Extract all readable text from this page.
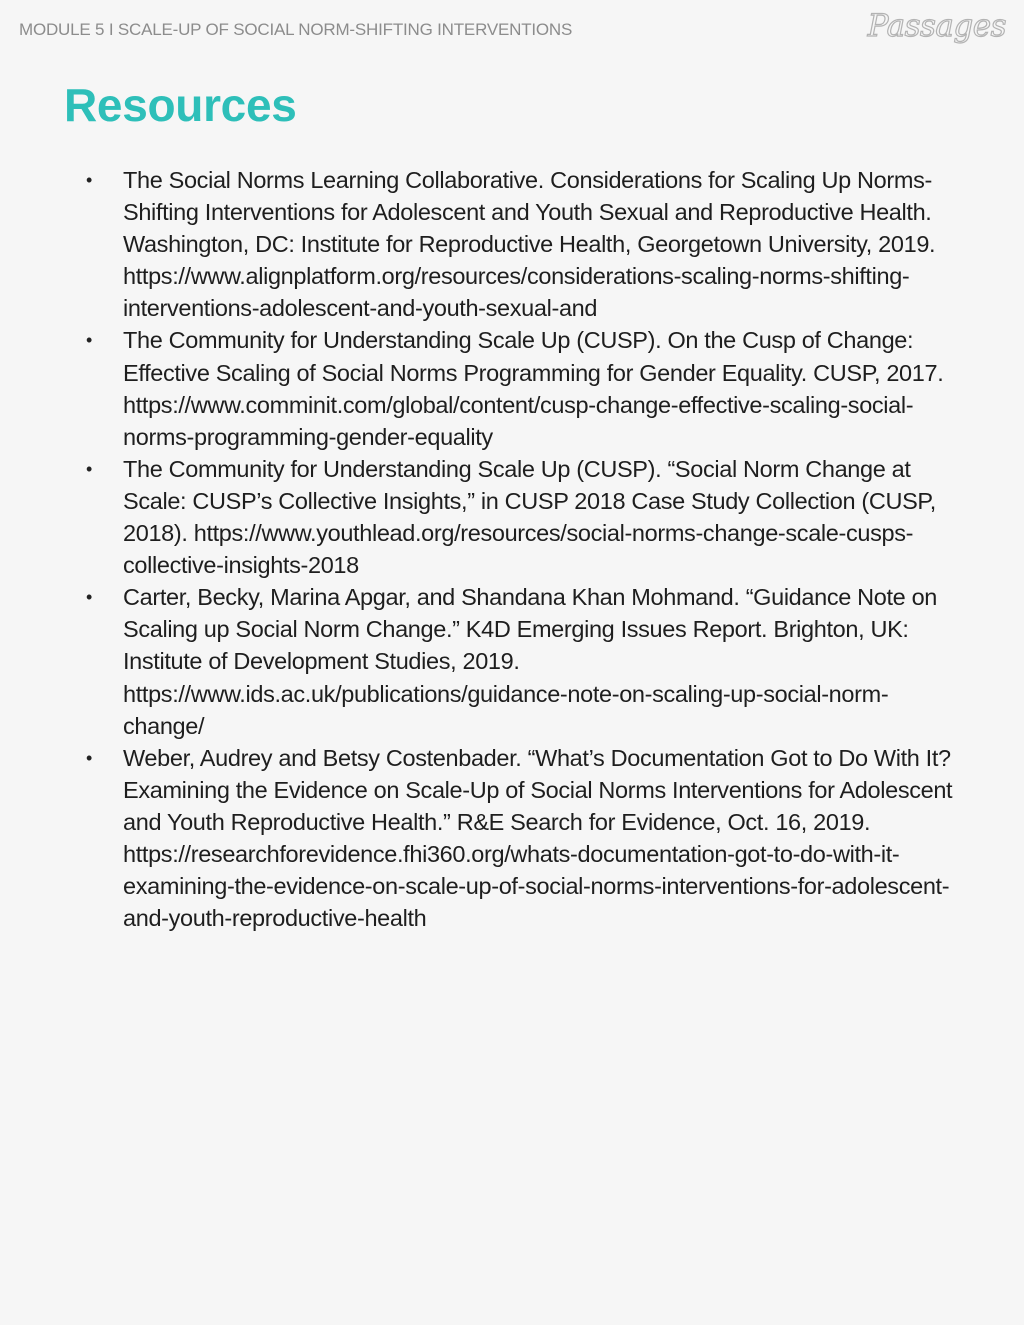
MODULE 5 I SCALE-UP OF SOCIAL NORM-SHIFTING INTERVENTIONS	Passages
Resources
• The Social Norms Learning Collaborative. Considerations for Scaling Up Norms-Shifting Interventions for Adolescent and Youth Sexual and Reproductive Health. Washington, DC: Institute for Reproductive Health, Georgetown University, 2019.
https://www.alignplatform.org/resources/considerations-scaling-norms-shifting-interventions-adolescent-and-youth-sexual-and
• The Community for Understanding Scale Up (CUSP). On the Cusp of Change: Effective Scaling of Social Norms Programming for Gender Equality. CUSP, 2017. https://www.comminit.com/global/content/cusp-change-effective-scaling-social-norms-programming-gender-equality
• The Community for Understanding Scale Up (CUSP). “Social Norm Change at Scale: CUSP’s Collective Insights,” in CUSP 2018 Case Study Collection (CUSP, 2018). https://www.youthlead.org/resources/social-norms-change-scale-cusps-collective-insights-2018
• Carter, Becky, Marina Apgar, and Shandana Khan Mohmand. “Guidance Note on Scaling up Social Norm Change.” K4D Emerging Issues Report. Brighton, UK: Institute of Development Studies, 2019.
https://www.ids.ac.uk/publications/guidance-note-on-scaling-up-social-norm-change/
• Weber, Audrey and Betsy Costenbader. “What’s Documentation Got to Do With It? Examining the Evidence on Scale-Up of Social Norms Interventions for Adolescent and Youth Reproductive Health.” R&E Search for Evidence, Oct. 16, 2019. https://researchforevidence.fhi360.org/whats-documentation-got-to-do-with-it-examining-the-evidence-on-scale-up-of-social-norms-interventions-for-adolescent-and-youth-reproductive-health
